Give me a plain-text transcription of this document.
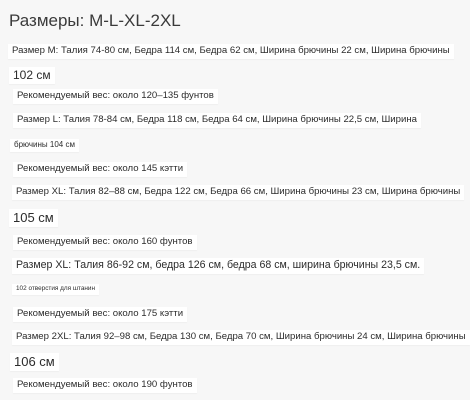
Размеры: M-L-XL-2XL
Размер M: Талия 74-80 см, Бедра 114 см, Бедра 62 см, Ширина брючины 22 см, Ширина брючины
102 см
Рекомендуемый вес: около 120–135 фунтов
Размер L: Талия 78-84 см, Бедра 118 см, Бедра 64 см, Ширина брючины 22,5 см, Ширина
брючины 104 см
Рекомендуемый вес: около 145 кэтти
Размер XL: Талия 82–88 см, Бедра 122 см, Бедра 66 см, Ширина брючины 23 см, Ширина брючины
105 см
Рекомендуемый вес: около 160 фунтов
Размер XL: Талия 86-92 см, бедра 126 см, бедра 68 см, ширина брючины 23,5 см.
102 отверстия для штанин
Рекомендуемый вес: около 175 кэтти
Размер 2XL: Талия 92–98 см, Бедра 130 см, Бедра 70 см, Ширина брючины 24 см, Ширина брючины
106 см
Рекомендуемый вес: около 190 фунтов
